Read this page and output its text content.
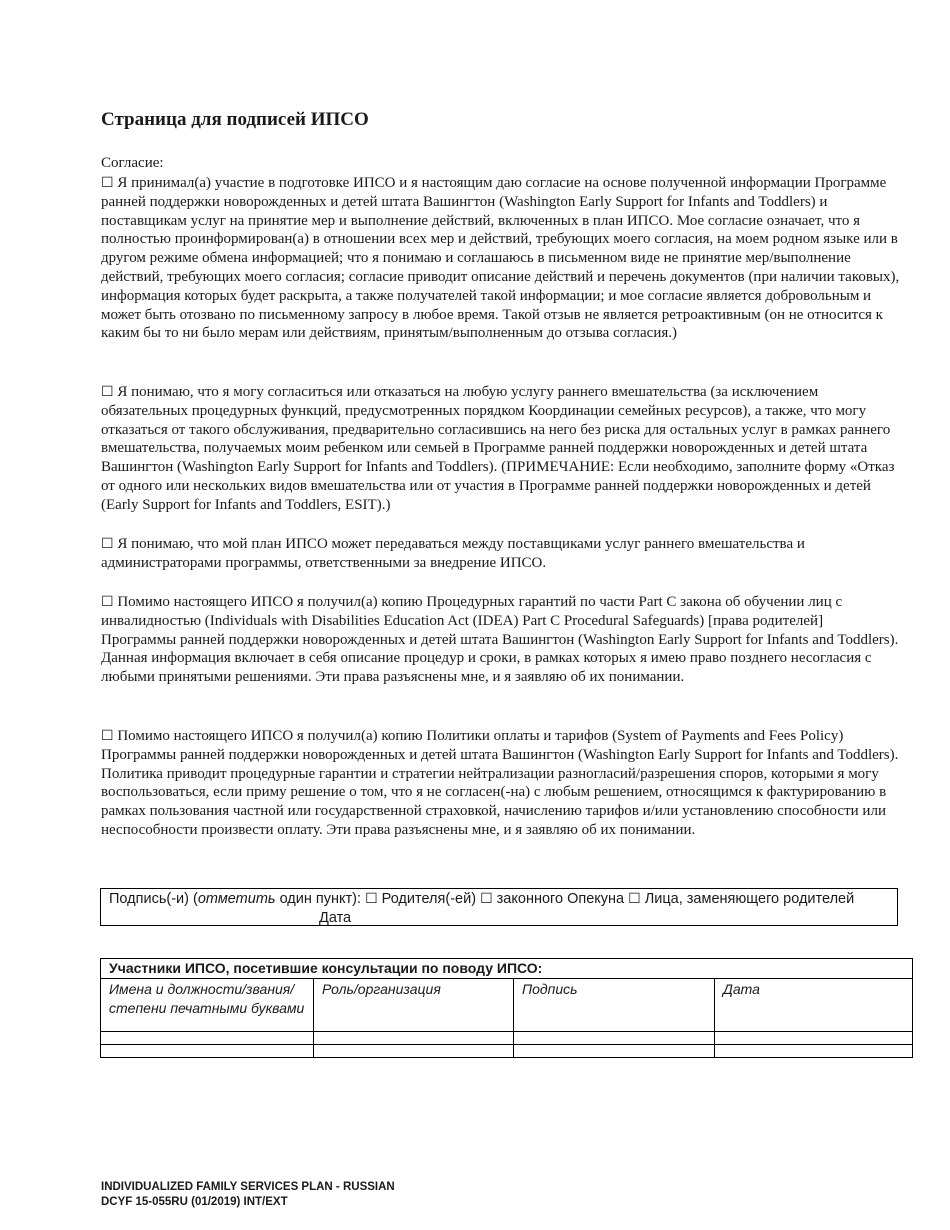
Страница для подписей ИПСО
Согласие:

☐ Я принимал(а) участие в подготовке ИПСО и я настоящим даю согласие на основе полученной информации Программе ранней поддержки новорожденных и детей штата Вашингтон (Washington Early Support for Infants and Toddlers) и поставщикам услуг на принятие мер и выполнение действий, включенных в план ИПСО. Мое согласие означает, что я полностью проинформирован(а) в отношении всех мер и действий, требующих моего согласия, на моем родном языке или в другом режиме обмена информацией; что я понимаю и соглашаюсь в письменном виде не принятие мер/выполнение действий, требующих моего согласия; согласие приводит описание действий и перечень документов (при наличии таковых), информация которых будет раскрыта, а также получателей такой информации; и мое согласие является добровольным и может быть отозвано по письменному запросу в любое время. Такой отзыв не является ретроактивным (он не относится к каким бы то ни было мерам или действиям, принятым/выполненным до отзыва согласия.)

☐ Я понимаю, что я могу согласиться или отказаться на любую услугу раннего вмешательства (за исключением обязательных процедурных функций, предусмотренных порядком Координации семейных ресурсов), а также, что могу отказаться от такого обслуживания, предварительно согласившись на него без риска для остальных услуг в рамках раннего вмешательства, получаемых моим ребенком или семьей в Программе ранней поддержки новорожденных и детей штата Вашингтон (Washington Early Support for Infants and Toddlers). (ПРИМЕЧАНИЕ: Если необходимо, заполните форму «Отказ от одного или нескольких видов вмешательства или от участия в Программе ранней поддержки новорожденных и детей (Early Support for Infants and Toddlers, ESIT).)

☐ Я понимаю, что мой план ИПСО может передаваться между поставщиками услуг раннего вмешательства и администраторами программы, ответственными за внедрение ИПСО.

☐ Помимо настоящего ИПСО я получил(а) копию Процедурных гарантий по части Part C закона об обучении лиц с инвалидностью (Individuals with Disabilities Education Act (IDEA) Part C Procedural Safeguards) [права родителей] Программы ранней поддержки новорожденных и детей штата Вашингтон (Washington Early Support for Infants and Toddlers). Данная информация включает в себя описание процедур и сроки, в рамках которых я имею право позднего несогласия с любыми принятыми решениями. Эти права разъяснены мне, и я заявляю об их понимании.

☐ Помимо настоящего ИПСО я получил(а) копию Политики оплаты и тарифов (System of Payments and Fees Policy) Программы ранней поддержки новорожденных и детей штата Вашингтон (Washington Early Support for Infants and Toddlers). Политика приводит процедурные гарантии и стратегии нейтрализации разногласий/разрешения споров, которыми я могу воспользоваться, если приму решение о том, что я не согласен(-на) с любым решением, относящимся к фактурированию в рамках пользования частной или государственной страховкой, начислению тарифов и/или установлению способности или неспособности произвести оплату. Эти права разъяснены мне, и я заявляю об их понимании.

Подпись(-и) (отметить один пункт): ☐ Родителя(-ей) ☐ законного Опекуна ☐ Лица, заменяющего родителей
Дата
Участники ИПСО, посетившие консультации по поводу ИПСО:			
Имена и должности/звания/степени печатными буквами	Роль/организация	Подпись	Дата

INDIVIDUALIZED FAMILY SERVICES PLAN - RUSSIAN
DCYF 15-055RU (01/2019) INT/EXT
